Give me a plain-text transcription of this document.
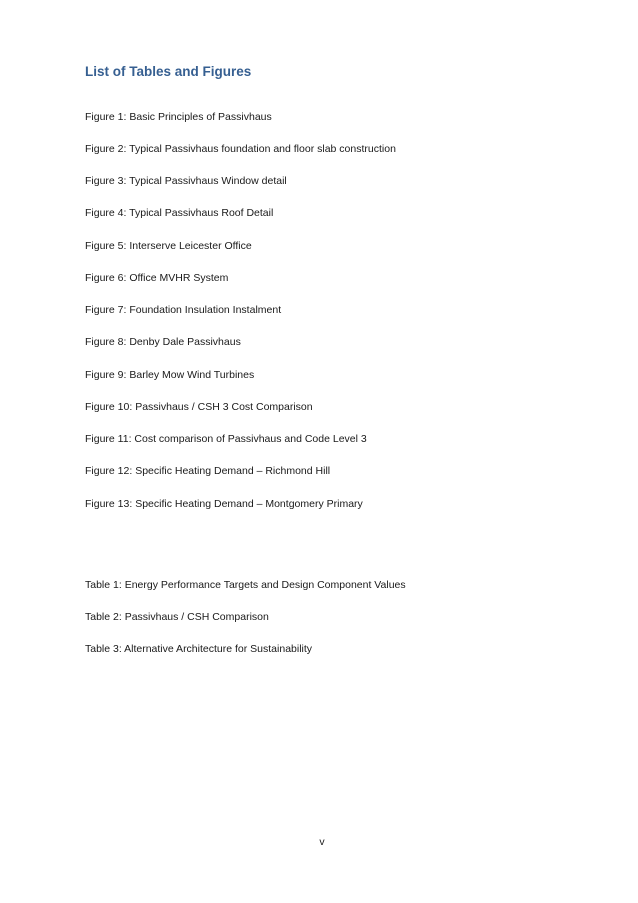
List of Tables and Figures
Figure 1: Basic Principles of Passivhaus
Figure 2: Typical Passivhaus foundation and floor slab construction
Figure 3: Typical Passivhaus Window detail
Figure 4: Typical Passivhaus Roof Detail
Figure 5: Interserve Leicester Office
Figure 6: Office MVHR System
Figure 7: Foundation Insulation Instalment
Figure 8: Denby Dale Passivhaus
Figure 9: Barley Mow Wind Turbines
Figure 10: Passivhaus / CSH 3 Cost Comparison
Figure 11: Cost comparison of Passivhaus and Code Level 3
Figure 12: Specific Heating Demand – Richmond Hill
Figure 13: Specific Heating Demand – Montgomery Primary
Table 1: Energy Performance Targets and Design Component Values
Table 2: Passivhaus / CSH Comparison
Table 3: Alternative Architecture for Sustainability
v
